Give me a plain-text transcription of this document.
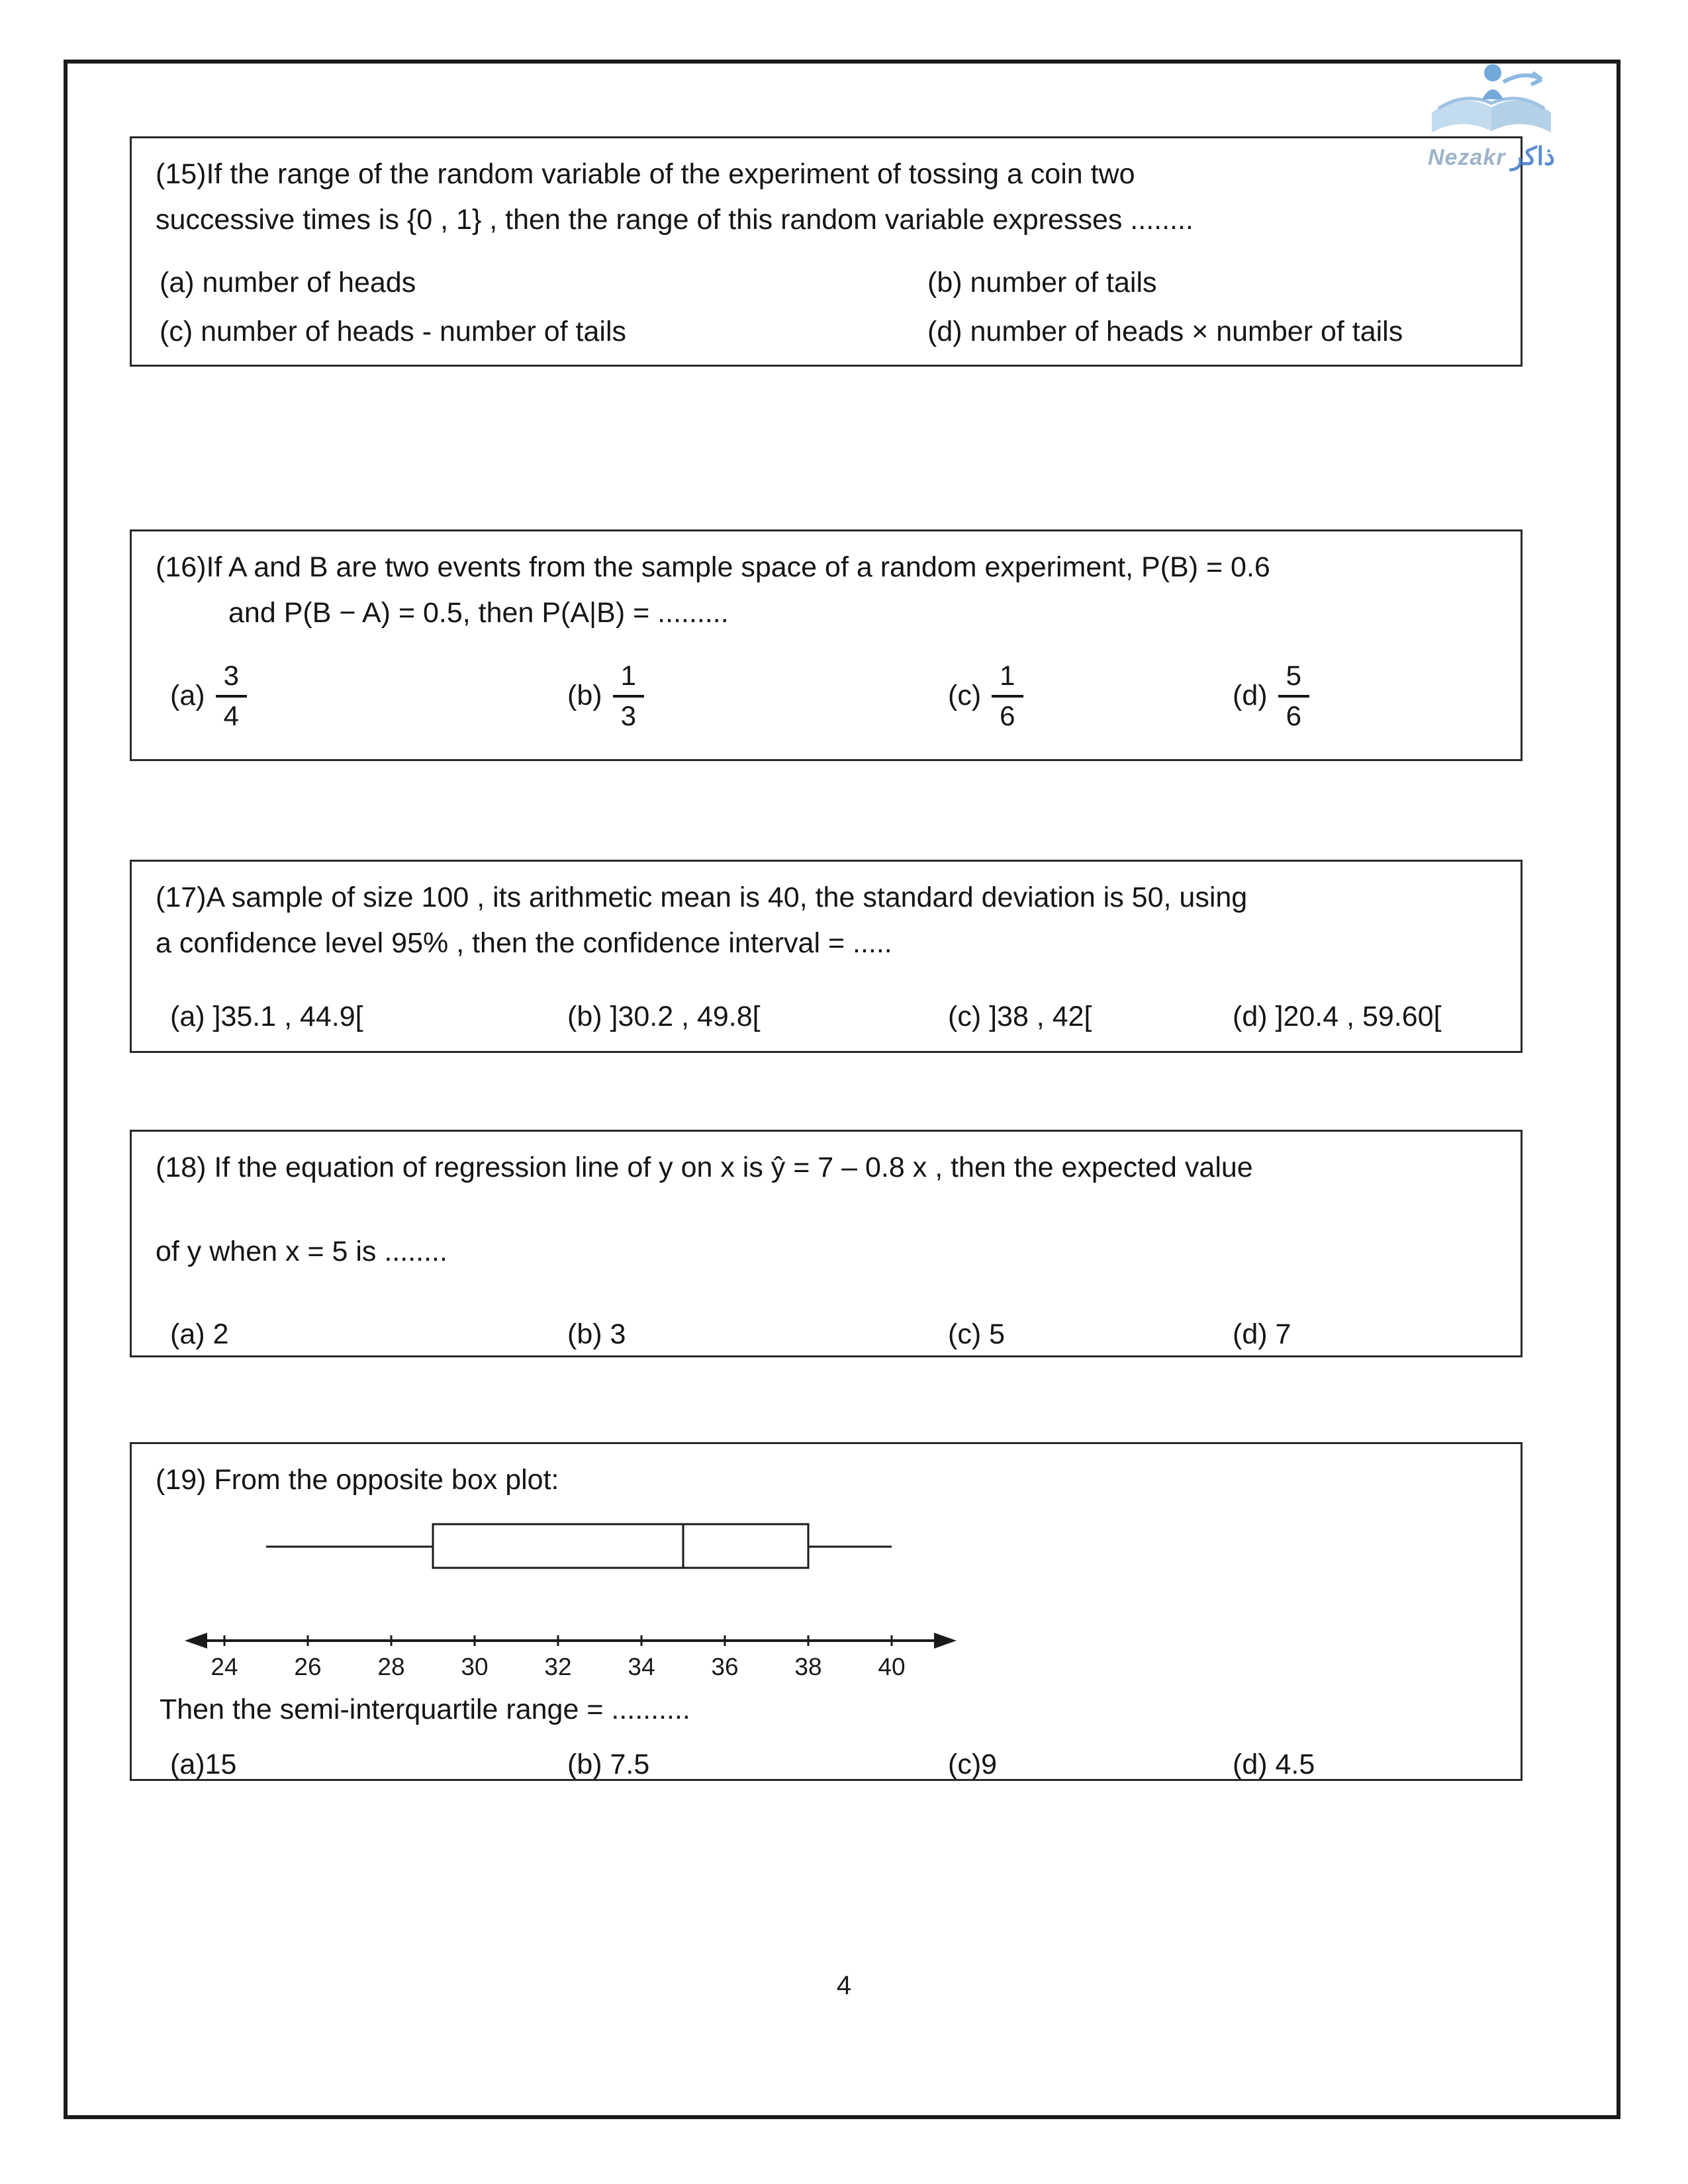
Nezakr ذاكر
(15)If the range of the random variable of the experiment of tossing a coin two
successive times is {0 , 1} , then the range of this random variable expresses ........
(a) number of heads	(b) number of tails
(c) number of heads - number of tails	(d) number of heads × number of tails
(16)If A and B are two events from the sample space of a random experiment, P(B) = 0.6
and P(B − A) = 0.5, then P(A|B) = .........
$(a) \frac{3}{4}$	$(b) \frac{1}{3}$	$(c) \frac{1}{6}$	$(d) \frac{5}{6}$
(17)A sample of size 100 , its arithmetic mean is 40, the standard deviation is 50, using
a confidence level 95% , then the confidence interval = .....
(a) ]35.1 , 44.9[	(b) ]30.2 , 49.8[	(c) ]38 , 42[	(d) ]20.4 , 59.60[
(18) If the equation of regression line of y on x is ŷ = 7 – 0.8 x , then the expected value
of y when x = 5 is ........
(a) 2	(b) 3	(c) 5	(d) 7
(19) From the opposite box plot:
24 26 28 30 32 34 36 38 40
Then the semi-interquartile range = ..........
(a)15	(b) 7.5	(c)9	(d) 4.5
4
